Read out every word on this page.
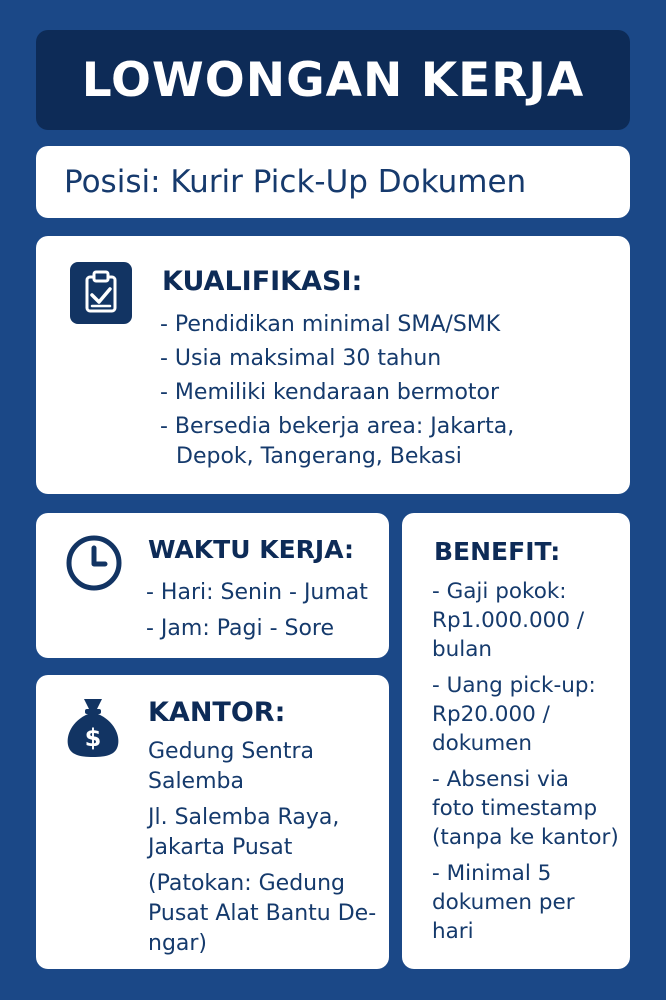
LOWONGAN KERJA
Posisi: Kurir Pick-Up Dokumen
KUALIFIKASI:
- Pendidikan minimal SMA/SMK
- Usia maksimal 30 tahun
- Memiliki kendaraan bermotor
- Bersedia bekerja area: Jakarta,
Depok, Tangerang, Bekasi
WAKTU KERJA:
- Hari: Senin - Jumat
- Jam: Pagi - Sore
$
KANTOR:
Gedung Sentra
Salemba
Jl. Salemba Raya,
Jakarta Pusat
(Patokan: Gedung
Pusat Alat Bantu De-
ngar)
BENEFIT:
- Gaji pokok:
Rp1.000.000 /
bulan
- Uang pick-up:
Rp20.000 /
dokumen
- Absensi via
foto timestamp
(tanpa ke kantor)
- Minimal 5
dokumen per
hari
